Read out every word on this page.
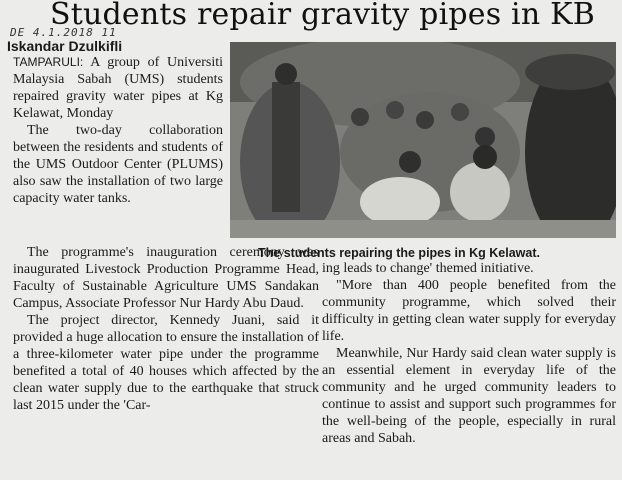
Students repair gravity pipes in KB
DE 4.1.2018 11
Iskandar Dzulkifli

TAMPARULI: A group of Universiti Malaysia Sabah (UMS) students repaired gravity water pipes at Kg Kelawat, Monday

The two-day collaboration between the residents and students of the UMS Outdoor Center (PLUMS) also saw the installation of two large capacity water tanks.

The students repairing the pipes in Kg Kelawat.

The programme's inauguration ceremony was inaugurated Livestock Production Programme Head, Faculty of Sustainable Agriculture UMS Sandakan Campus, Associate Professor Nur Hardy Abu Daud.

The project director, Kennedy Juani, said it provided a huge allocation to ensure the installation of a three-kilometer water pipe under the programme benefited a total of 40 houses which affected by the clean water supply due to the earthquake that struck last 2015 under the 'Car-

ing leads to change' themed initiative.

"More than 400 people benefited from the community programme, which solved their difficulty in getting clean water supply for everyday life.

Meanwhile, Nur Hardy said clean water supply is an essential element in everyday life of the community and he urged community leaders to continue to assist and support such programmes for the well-being of the people, especially in rural areas and Sabah.
